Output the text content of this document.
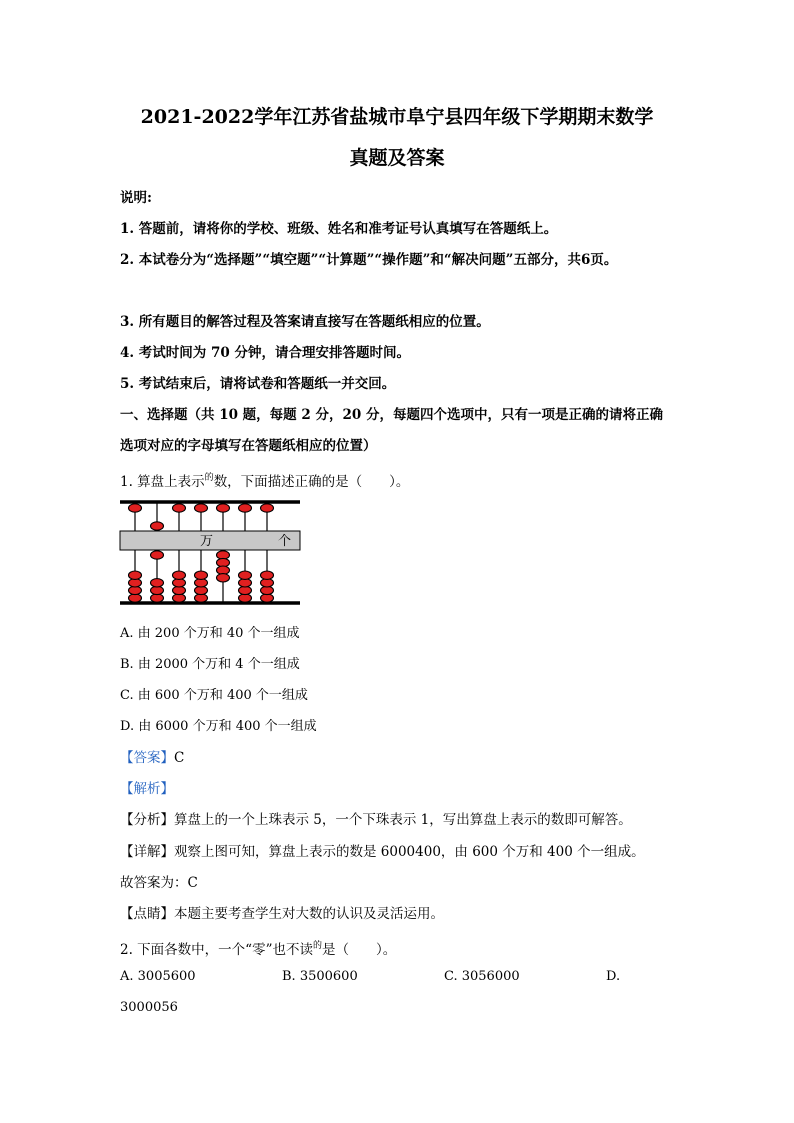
2021-2022学年江苏省盐城市阜宁县四年级下学期期末数学
真题及答案
说明:
1. 答题前，请将你的学校、班级、姓名和准考证号认真填写在答题纸上。
2. 本试卷分为“选择题”“填空题”“计算题”“操作题”和“解决问题”五部分，共6页。
3. 所有题目的解答过程及答案请直接写在答题纸相应的位置。
4. 考试时间为 70 分钟，请合理安排答题时间。
5. 考试结束后，请将试卷和答题纸一并交回。
一、选择题（共 10 题，每题 2 分，20 分，每题四个选项中，只有一项是正确的请将正确
选项对应的字母填写在答题纸相应的位置）
1. 算盘上表示$^的$数，下面描述正确的是（　　）。
万	个
A. 由 200 个万和 40 个一组成
B. 由 2000 个万和 4 个一组成
C. 由 600 个万和 400 个一组成
D. 由 6000 个万和 400 个一组成
【答案】C
【解析】
【分析】算盘上的一个上珠表示 5，一个下珠表示 1，写出算盘上表示的数即可解答。
【详解】观察上图可知，算盘上表示的数是 6000400，由 600 个万和 400 个一组成。
故答案为：C
【点睛】本题主要考查学生对大数的认识及灵活运用。
2. 下面各数中，一个“零”也不读$^的$是（　　）。
A. 3005600	B. 3500600	C. 3056000	D.
3000056
